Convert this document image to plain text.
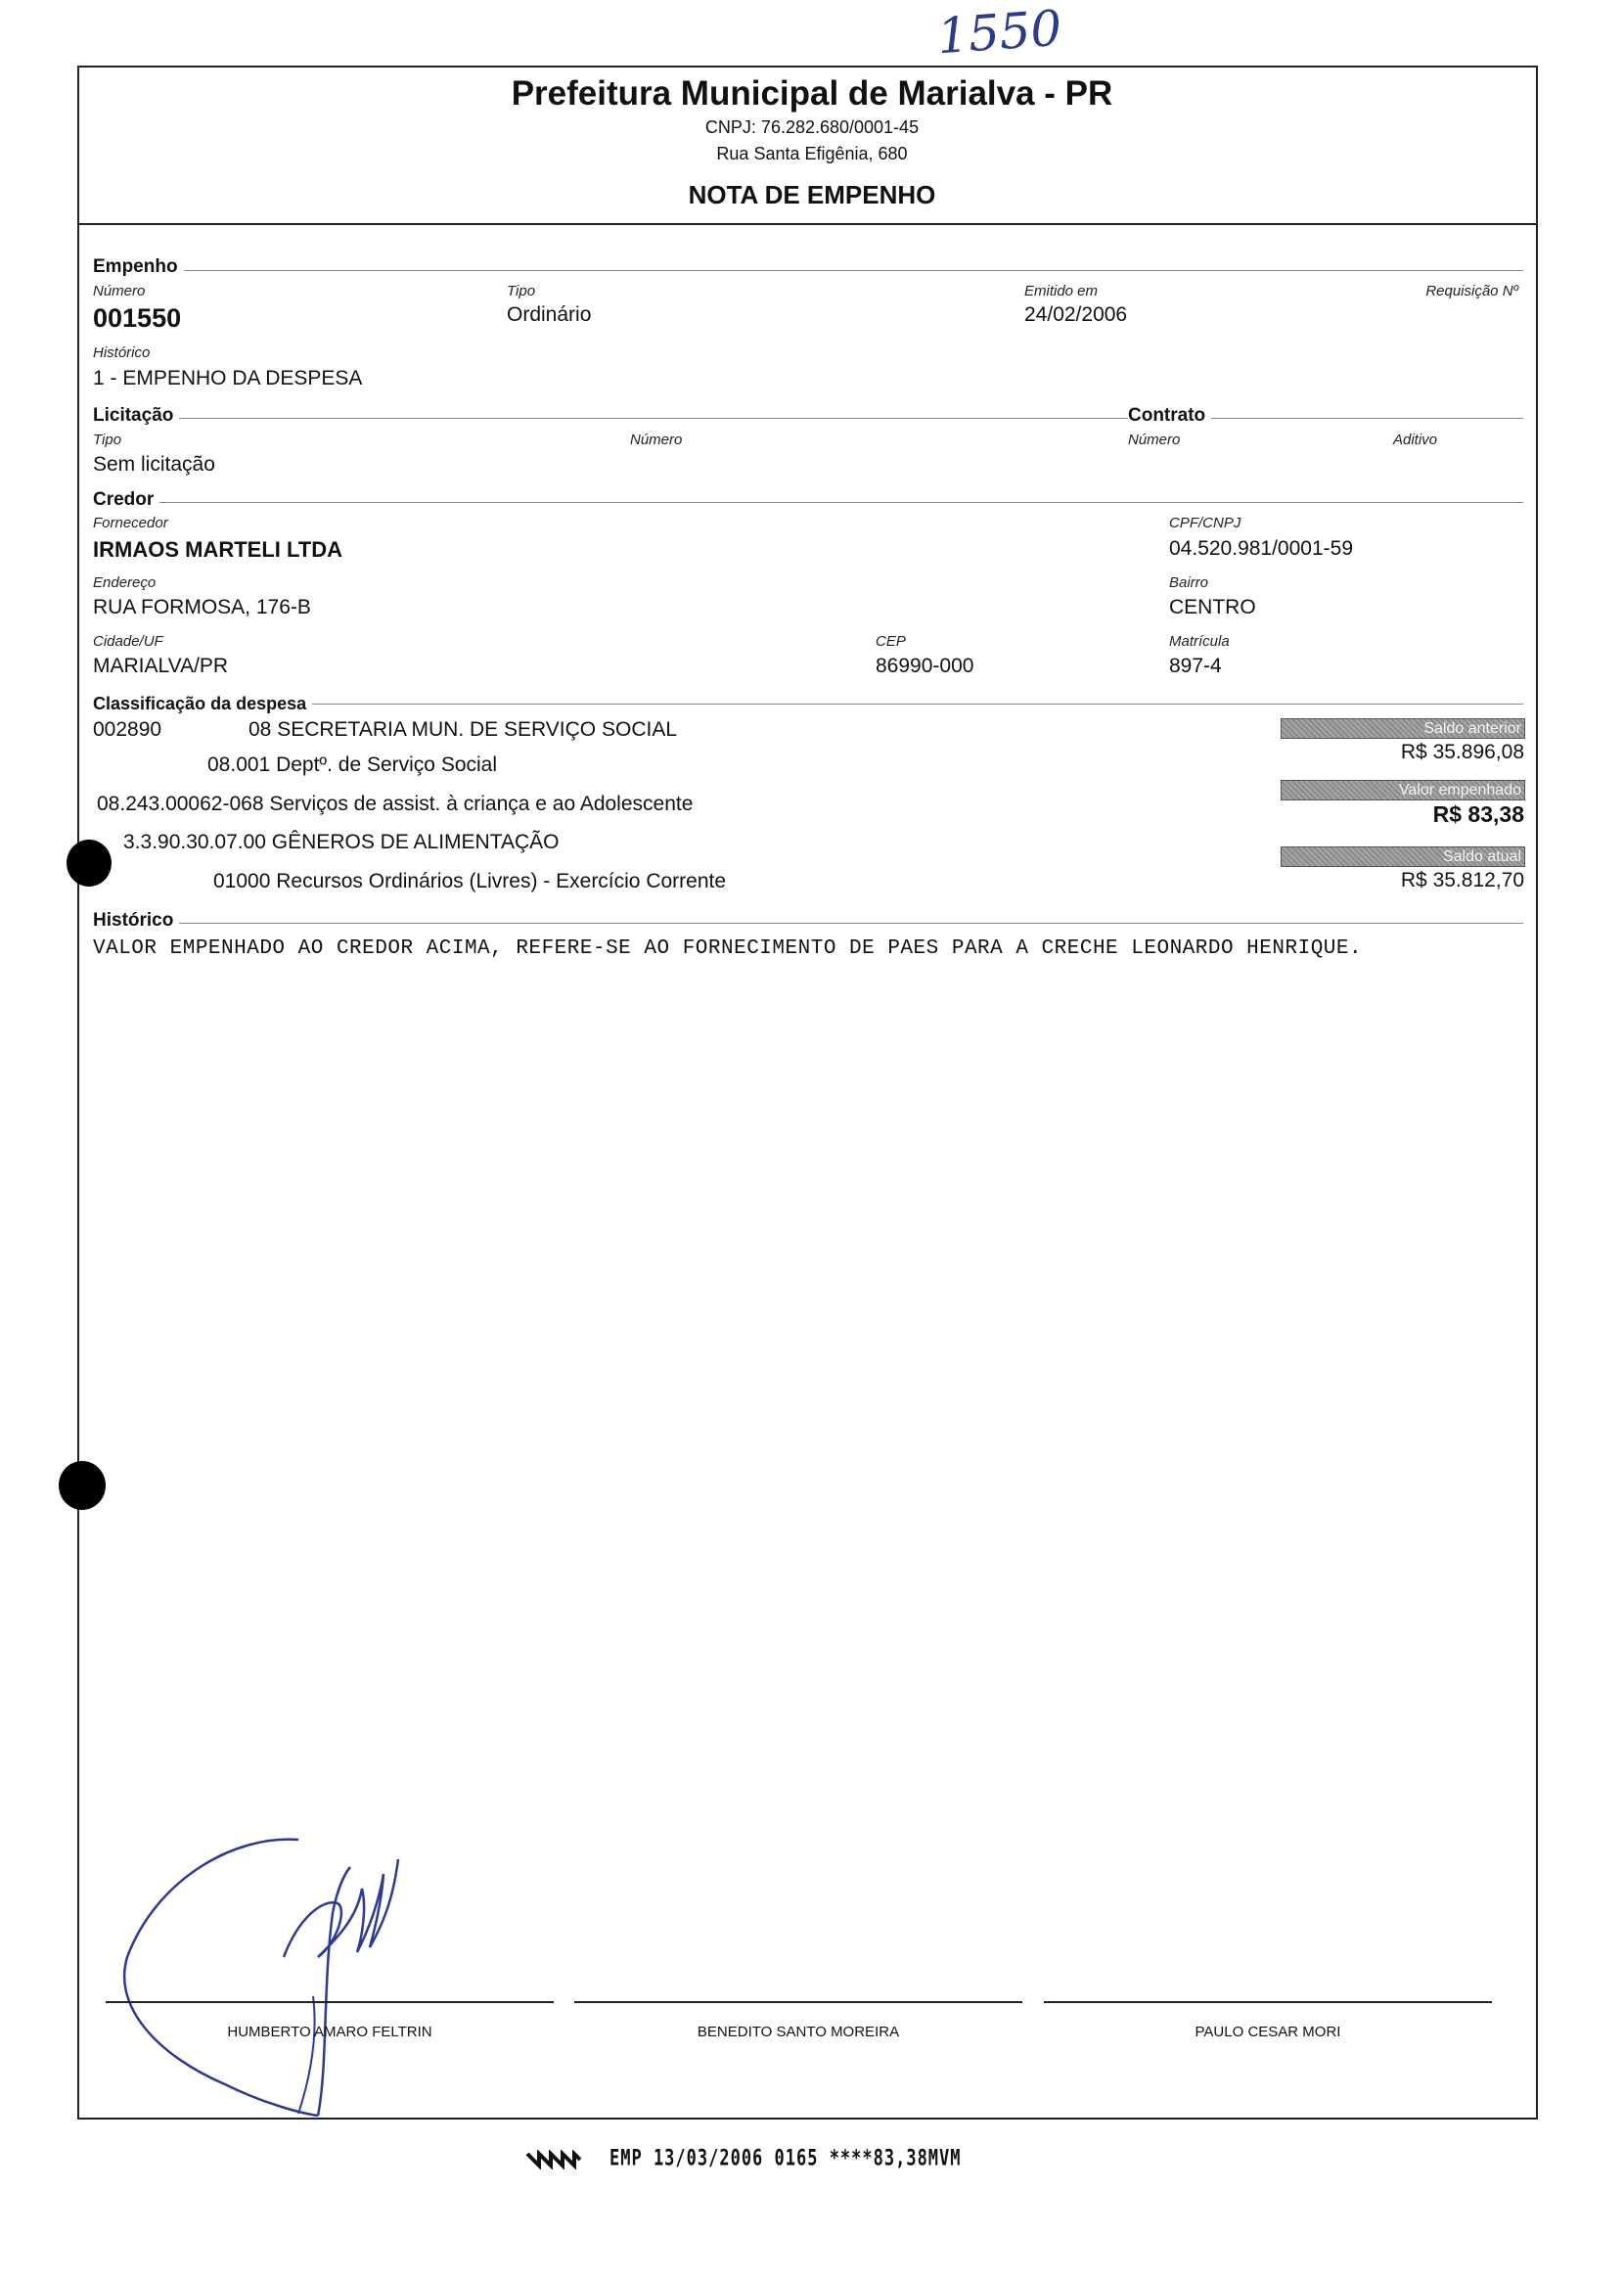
1550
Prefeitura Municipal de Marialva - PR
CNPJ: 76.282.680/0001-45
Rua Santa Efigênia, 680
NOTA DE EMPENHO
Empenho
Número
001550
Tipo
Ordinário
Emitido em
24/02/2006
Requisição Nº
Histórico
1 - EMPENHO DA DESPESA
Licitação	Contrato
Tipo
Sem licitação
Número	Número	Aditivo
Credor
Fornecedor
IRMAOS MARTELI LTDA
CPF/CNPJ
04.520.981/0001-59
Endereço
RUA FORMOSA, 176-B
Bairro
CENTRO
Cidade/UF
MARIALVA/PR
CEP
86990-000
Matrícula
897-4
Classificação da despesa
002890	08 SECRETARIA MUN. DE SERVIÇO SOCIAL
08.001 Deptº. de Serviço Social
08.243.00062-068 Serviços de assist. à criança e ao Adolescente
3.3.90.30.07.00 GÊNEROS DE ALIMENTAÇÃO
01000 Recursos Ordinários (Livres) - Exercício Corrente
Saldo anterior
R$ 35.896,08
Valor empenhado
R$ 83,38
Saldo atual
R$ 35.812,70
Histórico
VALOR EMPENHADO AO CREDOR ACIMA, REFERE-SE AO FORNECIMENTO DE PAES PARA A CRECHE LEONARDO HENRIQUE.
HUMBERTO AMARO FELTRIN	BENEDITO SANTO MOREIRA	PAULO CESAR MORI
EMP 13/03/2006 0165 ****83,38MVM
